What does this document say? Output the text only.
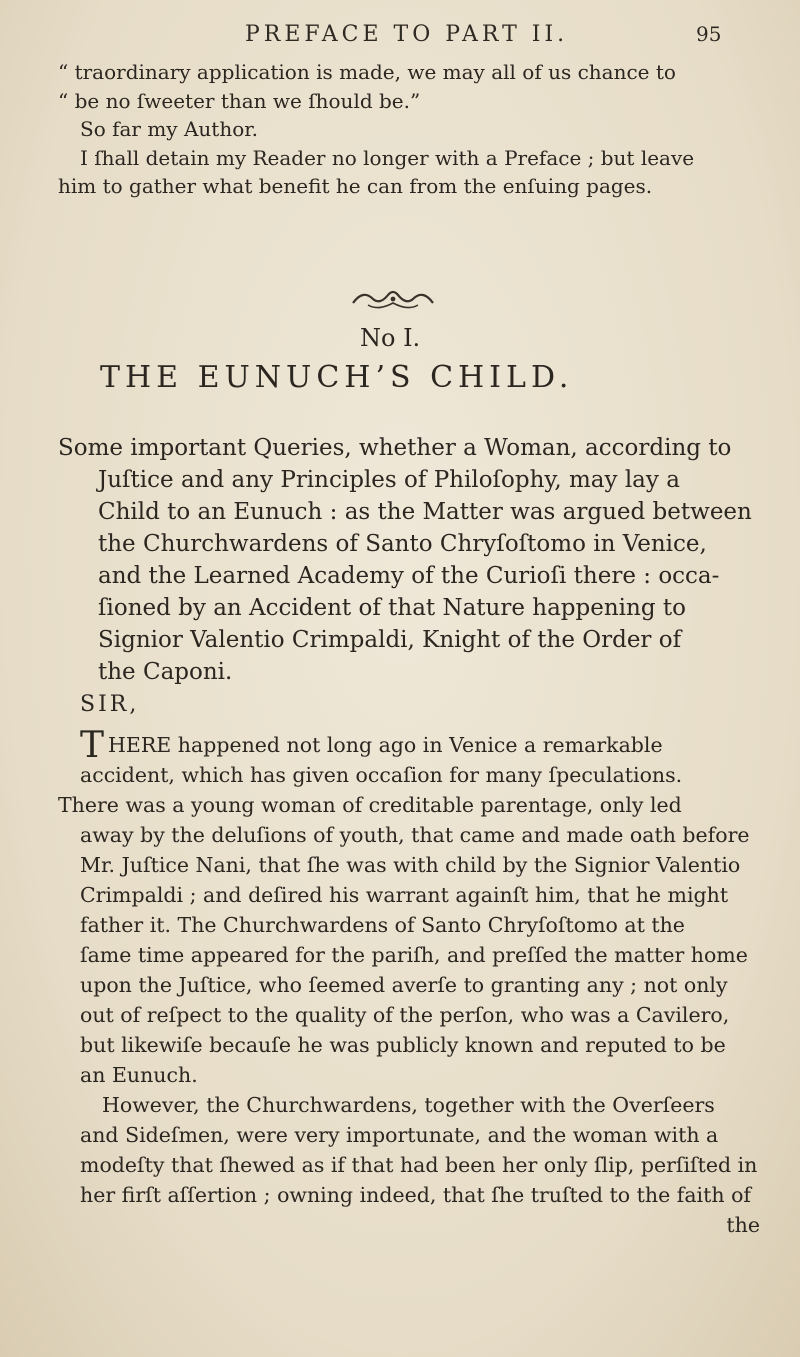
PREFACE TO PART II.	95
“ traordinary application is made, we may all of us chance to
“ be no ſweeter than we ſhould be.”
So far my Author.
I ſhall detain my Reader no longer with a Preface ; but leave
him to gather what benefit he can from the enſuing pages.
No I.
THE EUNUCH’S CHILD.
Some important Queries, whether a Woman, according to
Juſtice and any Principles of Philoſophy, may lay a
Child to an Eunuch : as the Matter was argued between
the Churchwardens of Santo Chryſoſtomo in Venice,
and the Learned Academy of the Curioſi there : occa-
ſioned by an Accident of that Nature happening to
Signior Valentio Crimpaldi, Knight of the Order of
the Caponi.
SIR,
T HERE happened not long ago in Venice a remarkable
accident, which has given occaſion for many ſpeculations.
There was a young woman of creditable parentage, only led
away by the deluſions of youth, that came and made oath before
Mr. Juſtice Nani, that ſhe was with child by the Signior Valentio
Crimpaldi ; and deſired his warrant againſt him, that he might
father it. The Churchwardens of Santo Chryſoſtomo at the
ſame time appeared for the pariſh, and preſſed the matter home
upon the Juſtice, who ſeemed averſe to granting any ; not only
out of reſpect to the quality of the perſon, who was a Cavilero,
but likewiſe becauſe he was publicly known and reputed to be
an Eunuch.
However, the Churchwardens, together with the Overſeers
and Sideſmen, were very importunate, and the woman with a
modeſty that ſhewed as if that had been her only ſlip, perſiſted in
her firſt aſſertion ; owning indeed, that ſhe truſted to the faith of
the
